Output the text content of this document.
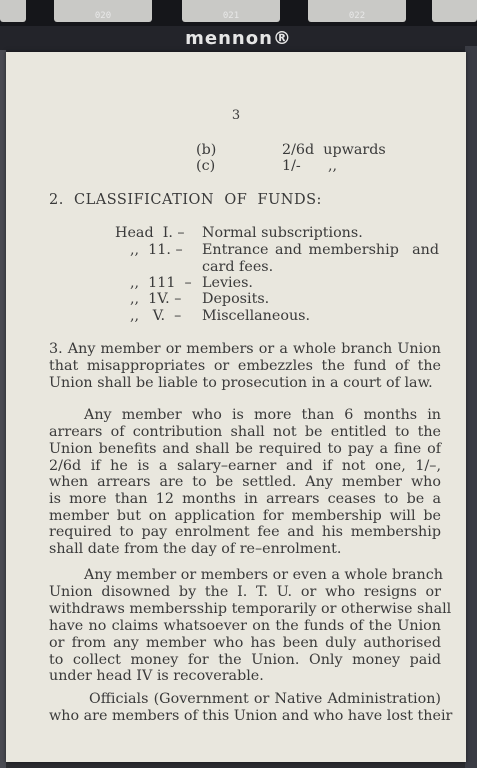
020	021	022
mennon®
3
(b)	2/6d  upwards
(c)	1/-      ,,
2.  CLASSIFICATION  OF  FUNDS:
Head  I. – Normal subscriptions.
,,  11. – Entrance and membership  and
card fees.
,,  111  – Levies.
,,  1V. – Deposits.
,,   V.  – Miscellaneous.
3. Any member or members or a whole branch Union
that misappropriates or embezzles the fund of the
Union shall be liable to prosecution in a court of law.
Any member who is more than 6 months in
arrears of contribution shall not be entitled to the
Union benefits and shall be required to pay a fine of
2/6d if he is a salary–earner and if not one, 1/–,
when arrears are to be settled. Any member who
is more than 12 months in arrears ceases to be a
member but on application for membership will be
required to pay enrolment fee and his membership
shall date from the day of re–enrolment.
Any member or members or even a whole branch
Union disowned by the I. T. U. or who resigns or
withdraws membersship temporarily or otherwise shall
have no claims whatsoever on the funds of the Union
or from any member who has been duly authorised
to collect money for the Union. Only money paid
under head IV is recoverable.
Officials (Government or Native Administration)
who are members of this Union and who have lost their
